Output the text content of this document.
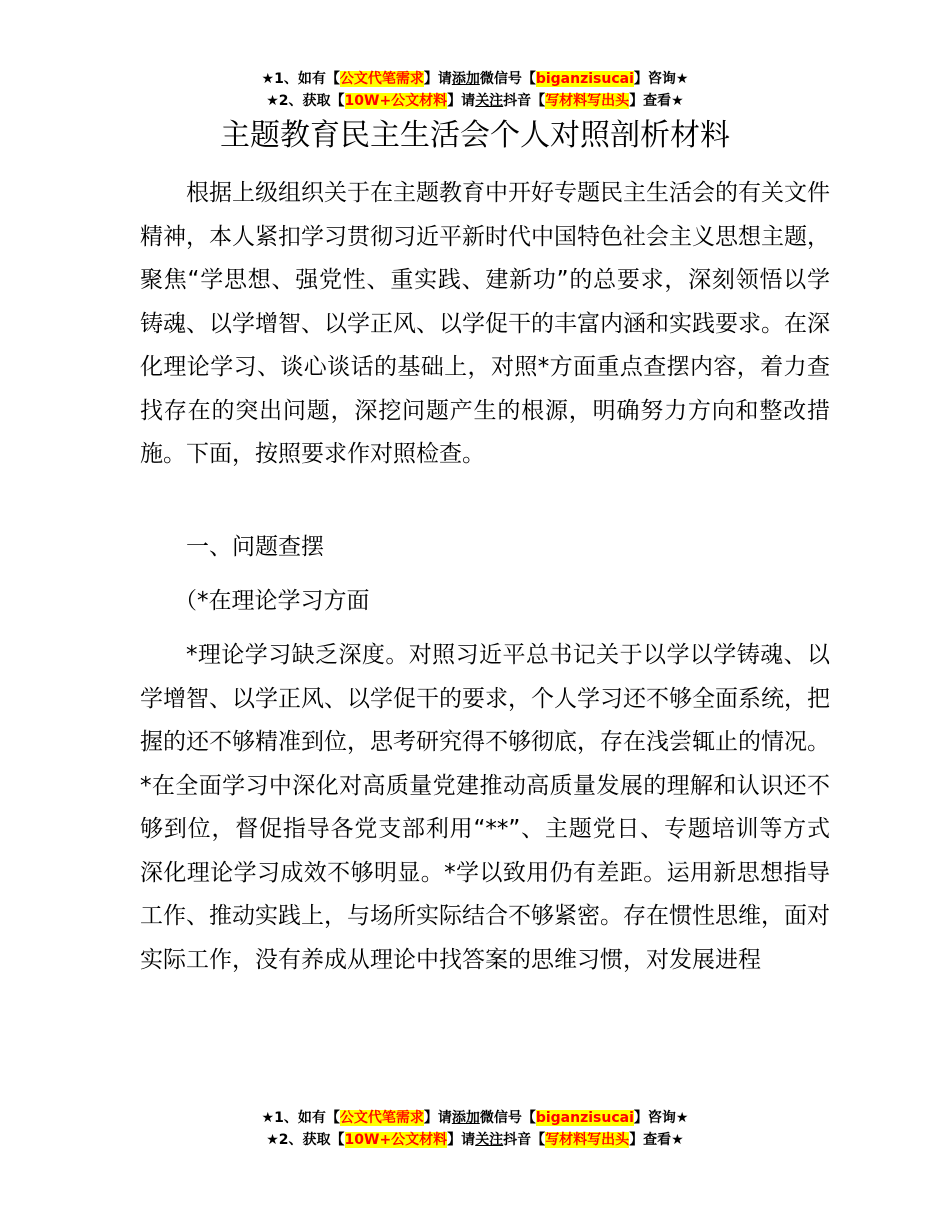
★1、如有【公文代笔需求】请添加微信号【biganzisucai】咨询★
★2、获取【10W+公文材料】请关注抖音【写材料写出头】查看★
主题教育民主生活会个人对照剖析材料

根据上级组织关于在主题教育中开好专题民主生活会的有关文件精神，本人紧扣学习贯彻习近平新时代中国特色社会主义思想主题，聚焦“学思想、强党性、重实践、建新功”的总要求，深刻领悟以学铸魂、以学增智、以学正风、以学促干的丰富内涵和实践要求。在深化理论学习、谈心谈话的基础上，对照*方面重点查摆内容，着力查找存在的突出问题，深挖问题产生的根源，明确努力方向和整改措施。下面，按照要求作对照检查。

一、问题查摆

（*在理论学习方面

*理论学习缺乏深度。对照习近平总书记关于以学以学铸魂、以学增智、以学正风、以学促干的要求，个人学习还不够全面系统，把握的还不够精准到位，思考研究得不够彻底，存在浅尝辄止的情况。*在全面学习中深化对高质量党建推动高质量发展的理解和认识还不够到位，督促指导各党支部利用“**”、主题党日、专题培训等方式深化理论学习成效不够明显。*学以致用仍有差距。运用新思想指导工作、推动实践上，与场所实际结合不够紧密。存在惯性思维，面对实际工作，没有养成从理论中找答案的思维习惯，对发展进程

★1、如有【公文代笔需求】请添加微信号【biganzisucai】咨询★
★2、获取【10W+公文材料】请关注抖音【写材料写出头】查看★
